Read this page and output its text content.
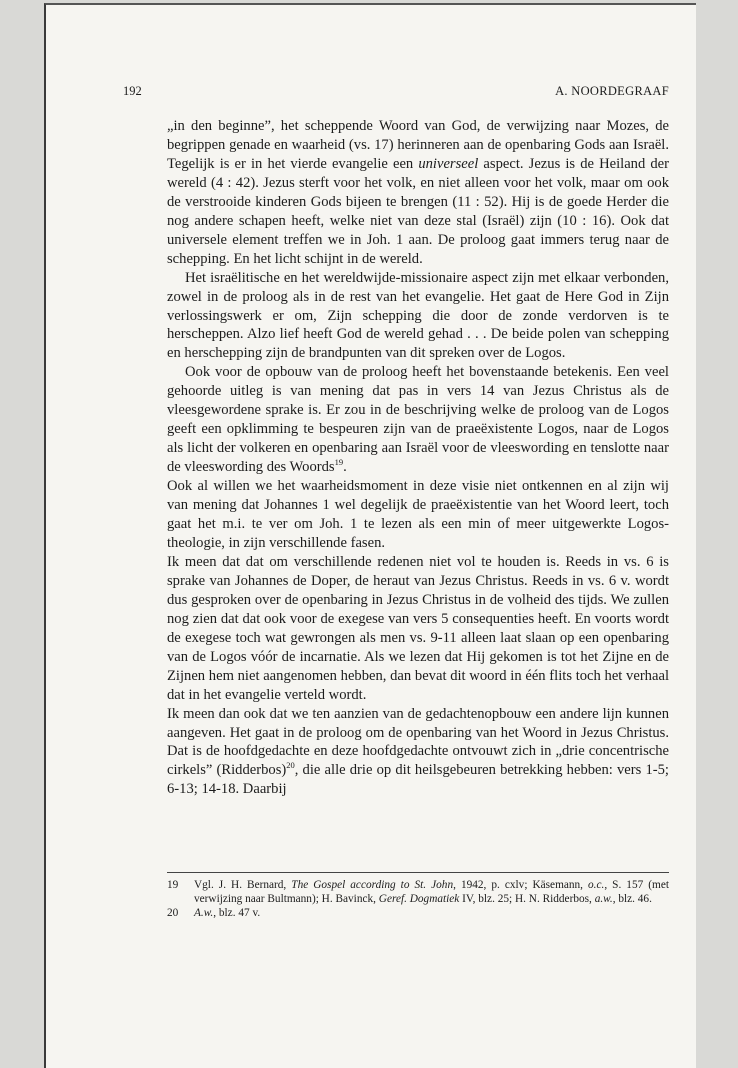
192	A. NOORDEGRAAF

„in den beginne”, het scheppende Woord van God, de verwijzing naar Mozes, de begrippen genade en waarheid (vs. 17) herinneren aan de openbaring Gods aan Israël. Tegelijk is er in het vierde evangelie een universeel aspect. Jezus is de Heiland der wereld (4 : 42). Jezus sterft voor het volk, en niet alleen voor het volk, maar om ook de verstrooide kinderen Gods bijeen te brengen (11 : 52). Hij is de goede Herder die nog andere schapen heeft, welke niet van deze stal (Israël) zijn (10 : 16). Ook dat universele element treffen we in Joh. 1 aan. De proloog gaat immers terug naar de schepping. En het licht schijnt in de wereld.

Het israëlitische en het wereldwijde-missionaire aspect zijn met elkaar verbonden, zowel in de proloog als in de rest van het evangelie. Het gaat de Here God in Zijn verlossingswerk er om, Zijn schepping die door de zonde verdorven is te herscheppen. Alzo lief heeft God de wereld gehad . . . De beide polen van schepping en herschepping zijn de brandpunten van dit spreken over de Logos.

Ook voor de opbouw van de proloog heeft het bovenstaande betekenis. Een veel gehoorde uitleg is van mening dat pas in vers 14 van Jezus Christus als de vleesgewordene sprake is. Er zou in de beschrijving welke de proloog van de Logos geeft een opklimming te bespeuren zijn van de praeëxistente Logos, naar de Logos als licht der volkeren en openbaring aan Israël voor de vleeswording en tenslotte naar de vleeswording des Woords$^{19}$.

Ook al willen we het waarheidsmoment in deze visie niet ontkennen en al zijn wij van mening dat Johannes 1 wel degelijk de praeëxistentie van het Woord leert, toch gaat het m.i. te ver om Joh. 1 te lezen als een min of meer uitgewerkte Logos-theologie, in zijn verschillende fasen.

Ik meen dat dat om verschillende redenen niet vol te houden is. Reeds in vs. 6 is sprake van Johannes de Doper, de heraut van Jezus Christus. Reeds in vs. 6 v. wordt dus gesproken over de openbaring in Jezus Christus in de volheid des tijds. We zullen nog zien dat dat ook voor de exegese van vers 5 consequenties heeft. En voorts wordt de exegese toch wat gewrongen als men vs. 9-11 alleen laat slaan op een openbaring van de Logos vóór de incarnatie. Als we lezen dat Hij gekomen is tot het Zijne en de Zijnen hem niet aangenomen hebben, dan bevat dit woord in één flits toch het verhaal dat in het evangelie verteld wordt.

Ik meen dan ook dat we ten aanzien van de gedachtenopbouw een andere lijn kunnen aangeven. Het gaat in de proloog om de openbaring van het Woord in Jezus Christus. Dat is de hoofdgedachte en deze hoofdgedachte ontvouwt zich in „drie concentrische cirkels” (Ridderbos)$^{20}$, die alle drie op dit heilsgebeuren betrekking hebben: vers 1-5; 6-13; 14-18. Daarbij

19 Vgl. J. H. Bernard, The Gospel according to St. John, 1942, p. cxlv; Käsemann, o.c., S. 157 (met verwijzing naar Bultmann); H. Bavinck, Geref. Dogmatiek IV, blz. 25; H. N. Ridderbos, a.w., blz. 46.
20 A.w., blz. 47 v.
